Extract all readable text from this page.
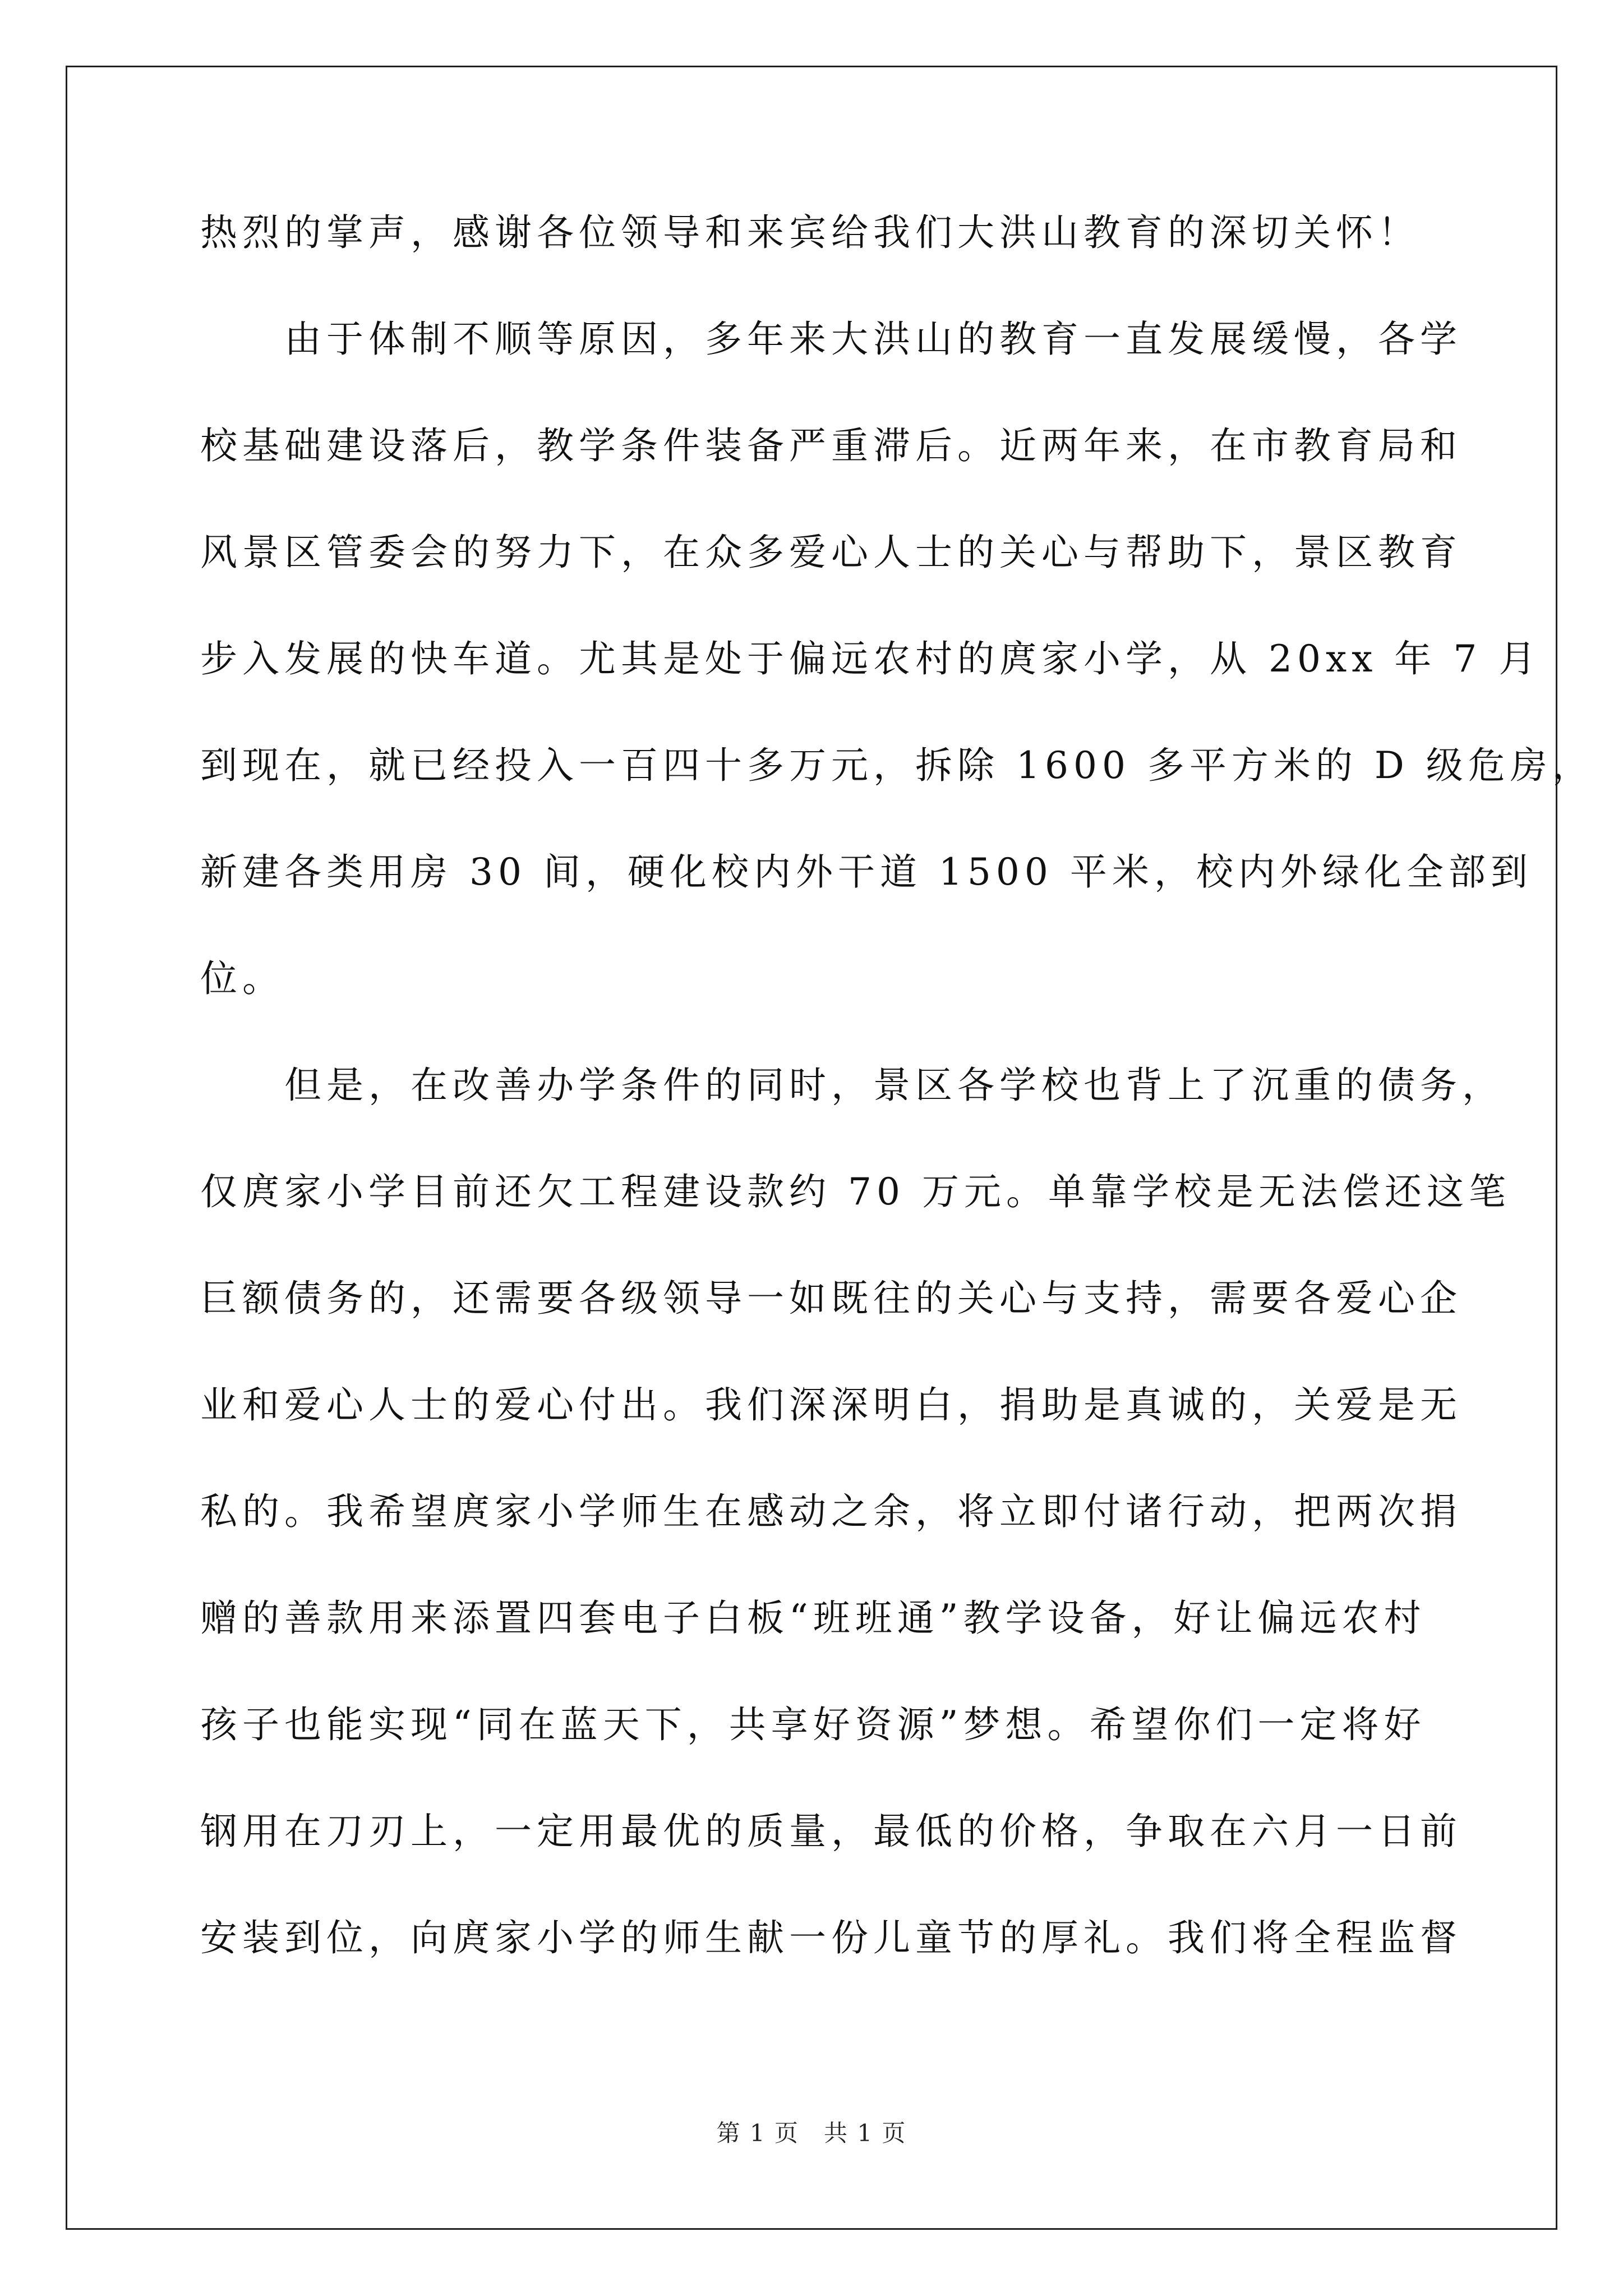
热烈的掌声，感谢各位领导和来宾给我们大洪山教育的深切关怀！
　　由于体制不顺等原因，多年来大洪山的教育一直发展缓慢，各学
校基础建设落后，教学条件装备严重滞后。近两年来，在市教育局和
风景区管委会的努力下，在众多爱心人士的关心与帮助下，景区教育
步入发展的快车道。尤其是处于偏远农村的庹家小学，从 20xx 年 7 月
到现在，就已经投入一百四十多万元，拆除 1600 多平方米的 D 级危房，
新建各类用房 30 间，硬化校内外干道 1500 平米，校内外绿化全部到
位。
　　但是，在改善办学条件的同时，景区各学校也背上了沉重的债务，
仅庹家小学目前还欠工程建设款约 70 万元。单靠学校是无法偿还这笔
巨额债务的，还需要各级领导一如既往的关心与支持，需要各爱心企
业和爱心人士的爱心付出。我们深深明白，捐助是真诚的，关爱是无
私的。我希望庹家小学师生在感动之余，将立即付诸行动，把两次捐
赠的善款用来添置四套电子白板“班班通”教学设备，好让偏远农村
孩子也能实现“同在蓝天下，共享好资源”梦想。希望你们一定将好
钢用在刀刃上，一定用最优的质量，最低的价格，争取在六月一日前
安装到位，向庹家小学的师生献一份儿童节的厚礼。我们将全程监督
第 1 页　共 1 页
